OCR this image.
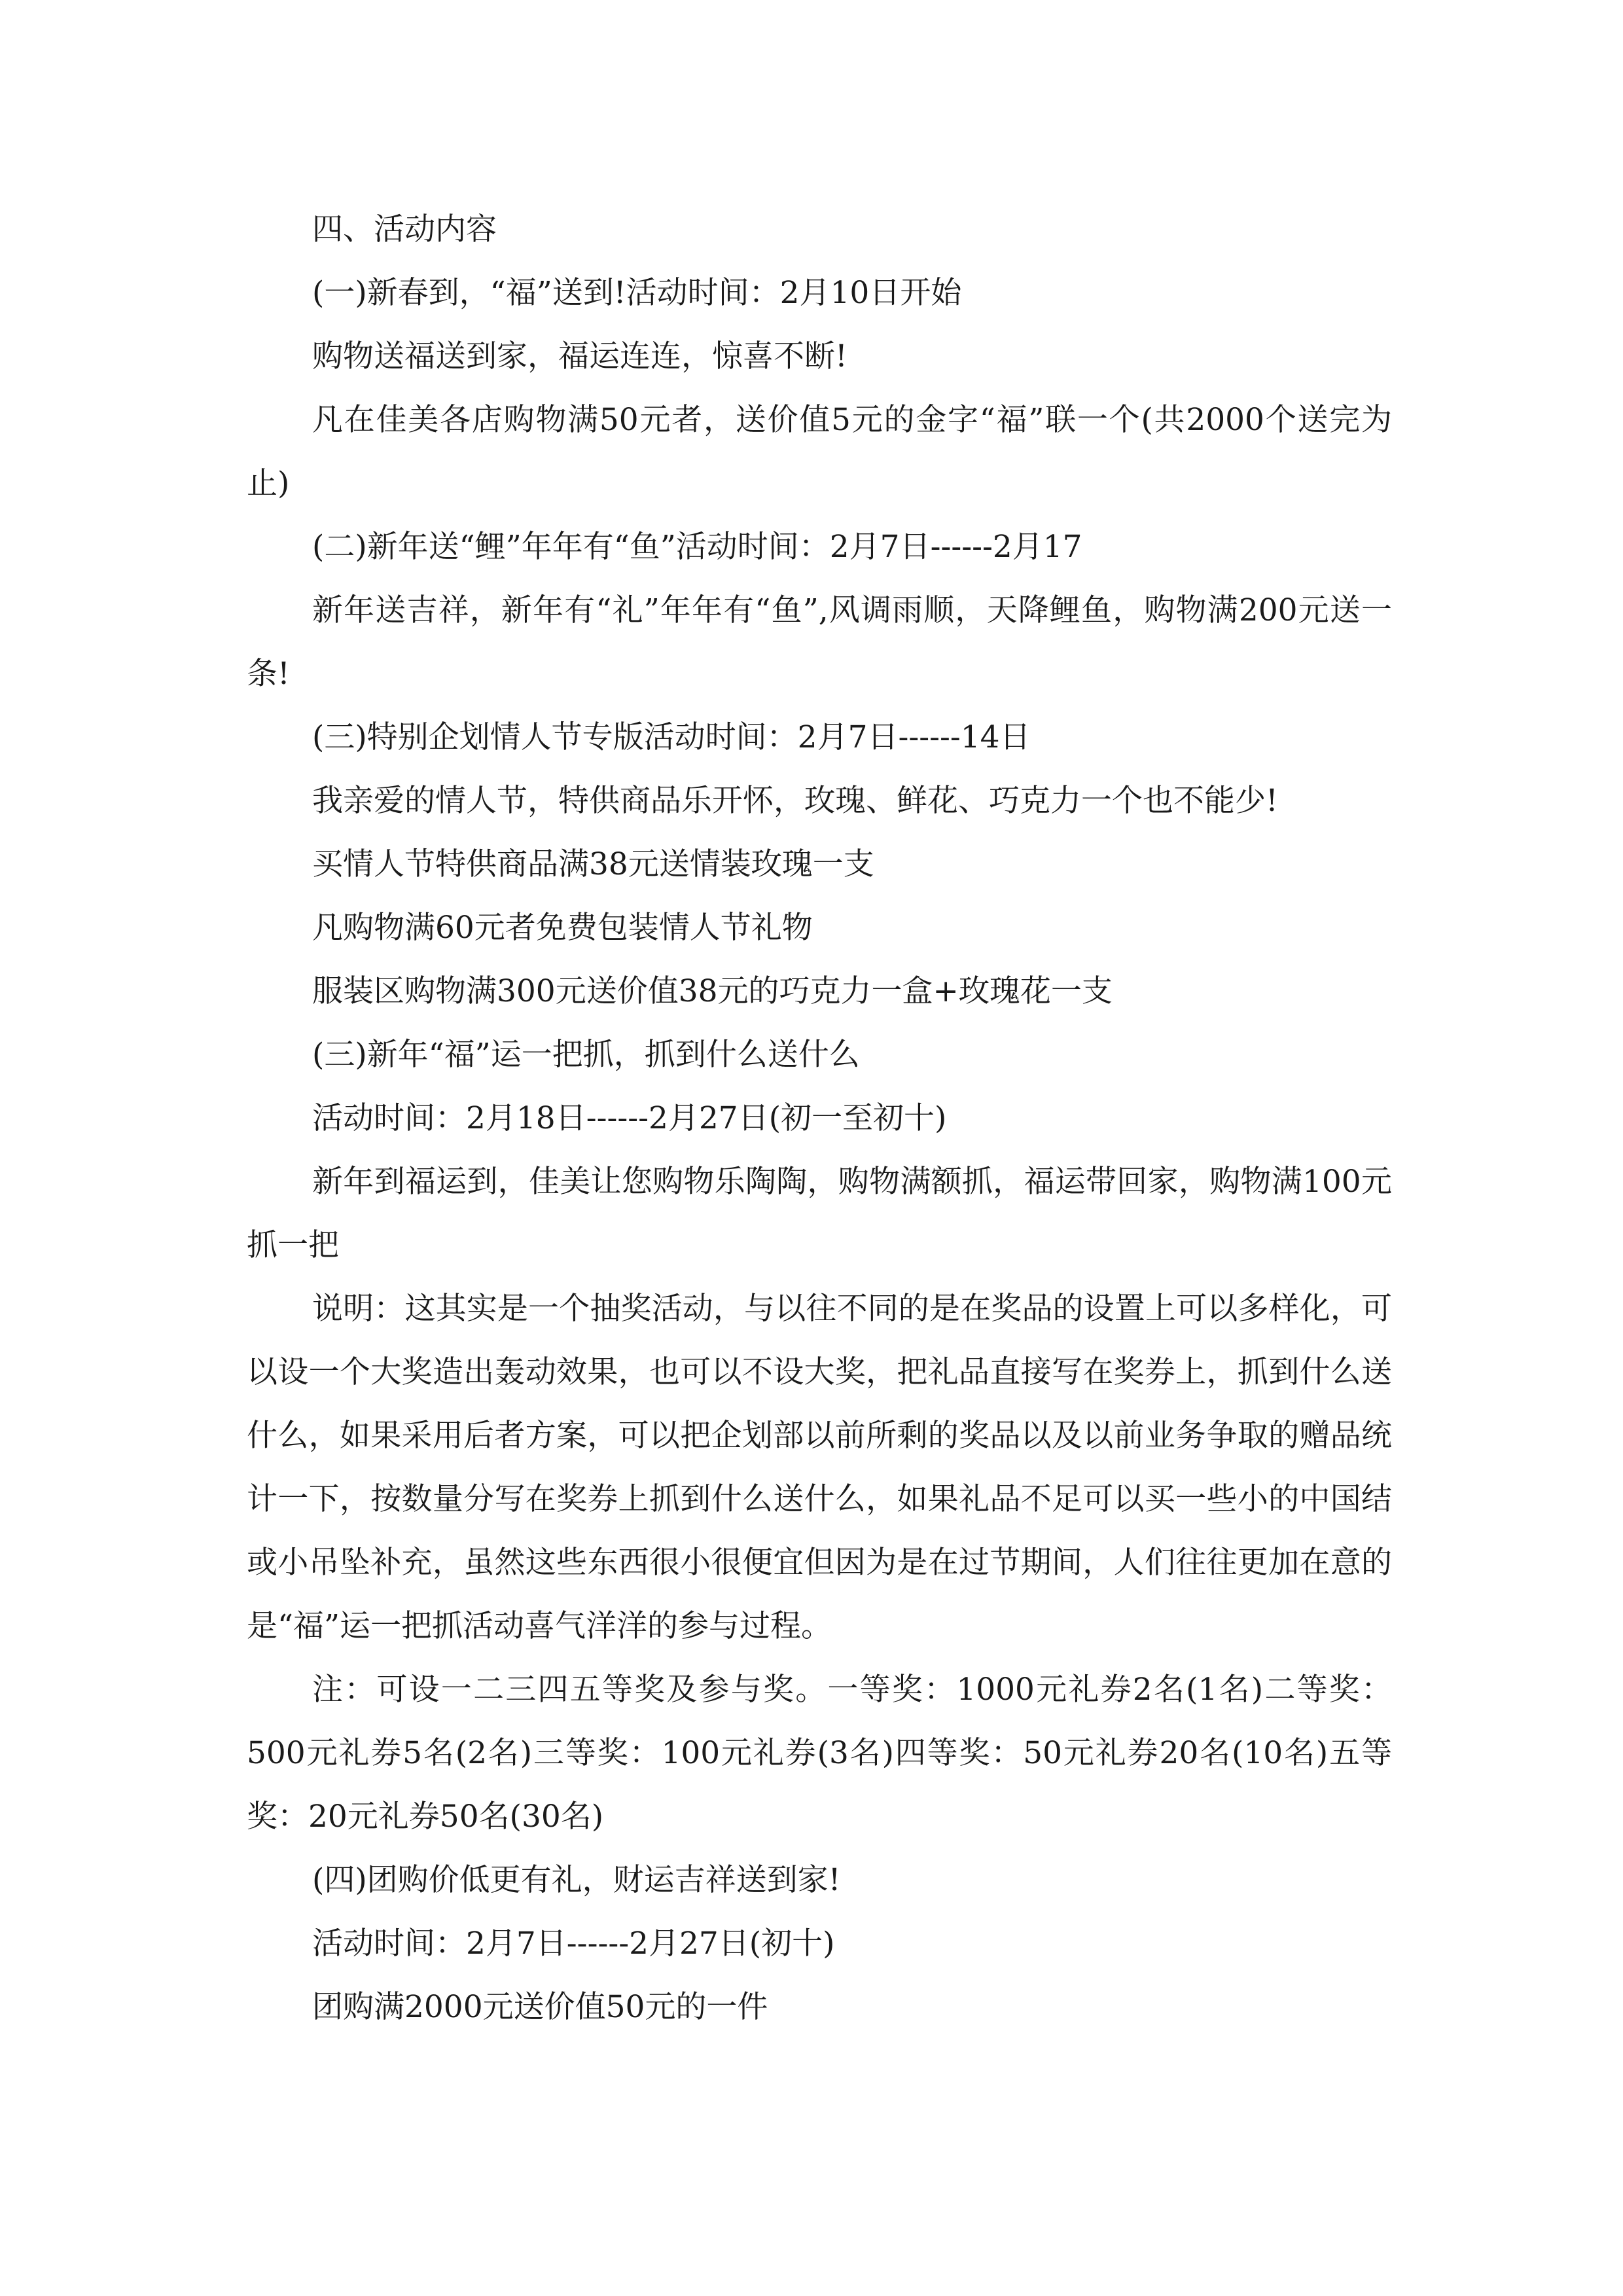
四、活动内容

(一)新春到，“福”送到!活动时间：2月10日开始

购物送福送到家，福运连连，惊喜不断!

凡在佳美各店购物满50元者，送价值5元的金字“福”联一个(共2000个送完为止)

(二)新年送“鲤”年年有“鱼”活动时间：2月7日------2月17

新年送吉祥，新年有“礼”年年有“鱼”,风调雨顺，天降鲤鱼，购物满200元送一条!

(三)特别企划情人节专版活动时间：2月7日------14日

我亲爱的情人节，特供商品乐开怀，玫瑰、鲜花、巧克力一个也不能少!

买情人节特供商品满38元送情装玫瑰一支

凡购物满60元者免费包装情人节礼物

服装区购物满300元送价值38元的巧克力一盒+玫瑰花一支

(三)新年“福”运一把抓，抓到什么送什么

活动时间：2月18日------2月27日(初一至初十)

新年到福运到，佳美让您购物乐陶陶，购物满额抓，福运带回家，购物满100元抓一把

说明：这其实是一个抽奖活动，与以往不同的是在奖品的设置上可以多样化，可以设一个大奖造出轰动效果，也可以不设大奖，把礼品直接写在奖券上，抓到什么送什么，如果采用后者方案，可以把企划部以前所剩的奖品以及以前业务争取的赠品统计一下，按数量分写在奖券上抓到什么送什么，如果礼品不足可以买一些小的中国结或小吊坠补充，虽然这些东西很小很便宜但因为是在过节期间，人们往往更加在意的是“福”运一把抓活动喜气洋洋的参与过程。

注：可设一二三四五等奖及参与奖。一等奖：1000元礼券2名(1名)二等奖：500元礼券5名(2名)三等奖：100元礼券(3名)四等奖：50元礼券20名(10名)五等奖：20元礼券50名(30名)

(四)团购价低更有礼，财运吉祥送到家!

活动时间：2月7日------2月27日(初十)

团购满2000元送价值50元的一件
